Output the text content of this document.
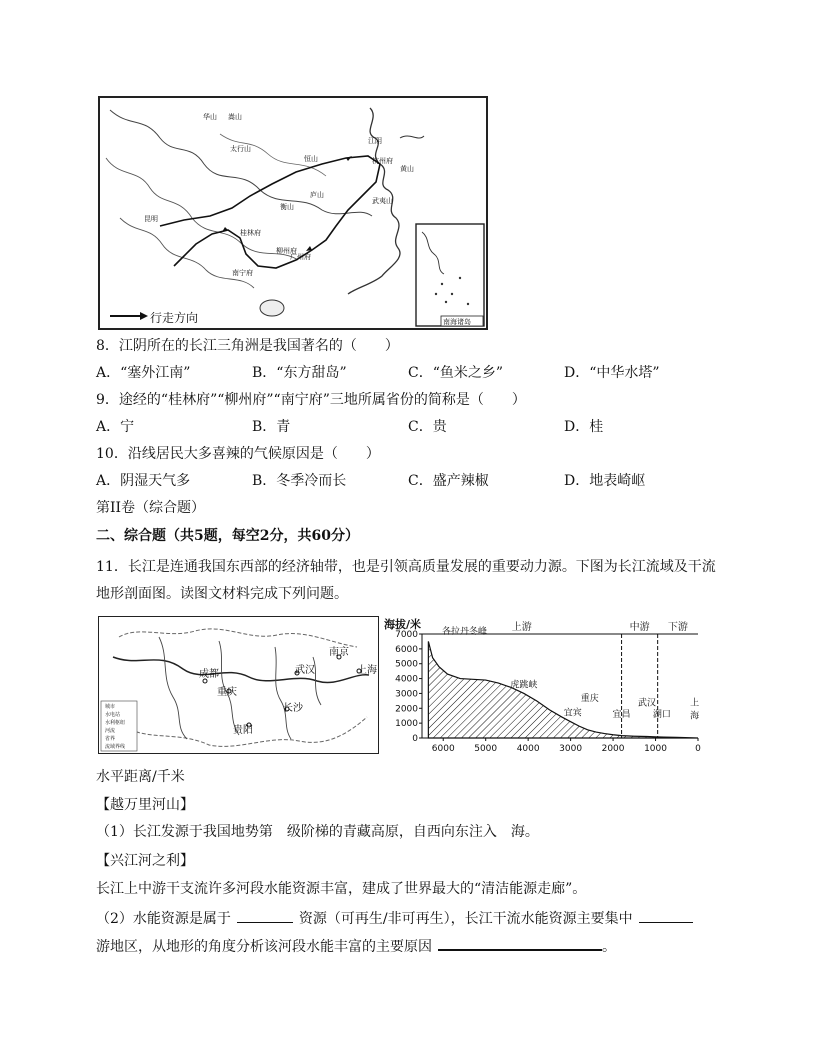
华山 嵩山
太行山
恒山
黄山
庐山
武夷山
昆明
桂林府
柳州府
南宁府
衡山
杭州府
广州府
江阴
行走方向	南海诸岛
8．江阴所在的长江三角洲是我国著名的（　　）
A．“塞外江南”	B．“东方甜岛”	C．“鱼米之乡”	D．“中华水塔”
9．途经的“桂林府”“柳州府”“南宁府”三地所属省份的简称是（　　）
A．宁	B．青	C．贵	D．桂
10．沿线居民大多喜辣的气候原因是（　　）
A．阴湿天气多	B．冬季冷而长	C．盛产辣椒	D．地表崎岖
第II卷（综合题）
二、综合题（共5题，每空2分，共60分）
11．长江是连通我国东西部的经济轴带，也是引领高质量发展的重要动力源。下图为长江流域及干流
地形剖面图。读图文材料完成下列问题。
成都
重庆
武汉
南京
上海
贵阳
长沙
城市
水电站
水利枢纽
河流
省界
流域界线
0
1000
2000
3000
4000
5000
6000
7000
6000 5000 4000 3000 2000 1000	0
海拔/米	上游	中游 下游
各拉丹冬峰
虎跳峡
宜宾
重庆
宜昌
武汉
湖口
上
海
水平距离/千米
【越万里河山】
（1）长江发源于我国地势第　级阶梯的青藏高原，自西向东注入　海。
【兴江河之利】
长江上中游干支流许多河段水能资源丰富，建成了世界最大的“清洁能源走廊”。
（2）水能资源是属于	资源（可再生/非可再生），长江干流水能资源主要集中
游地区，从地形的角度分析该河段水能丰富的主要原因	。
